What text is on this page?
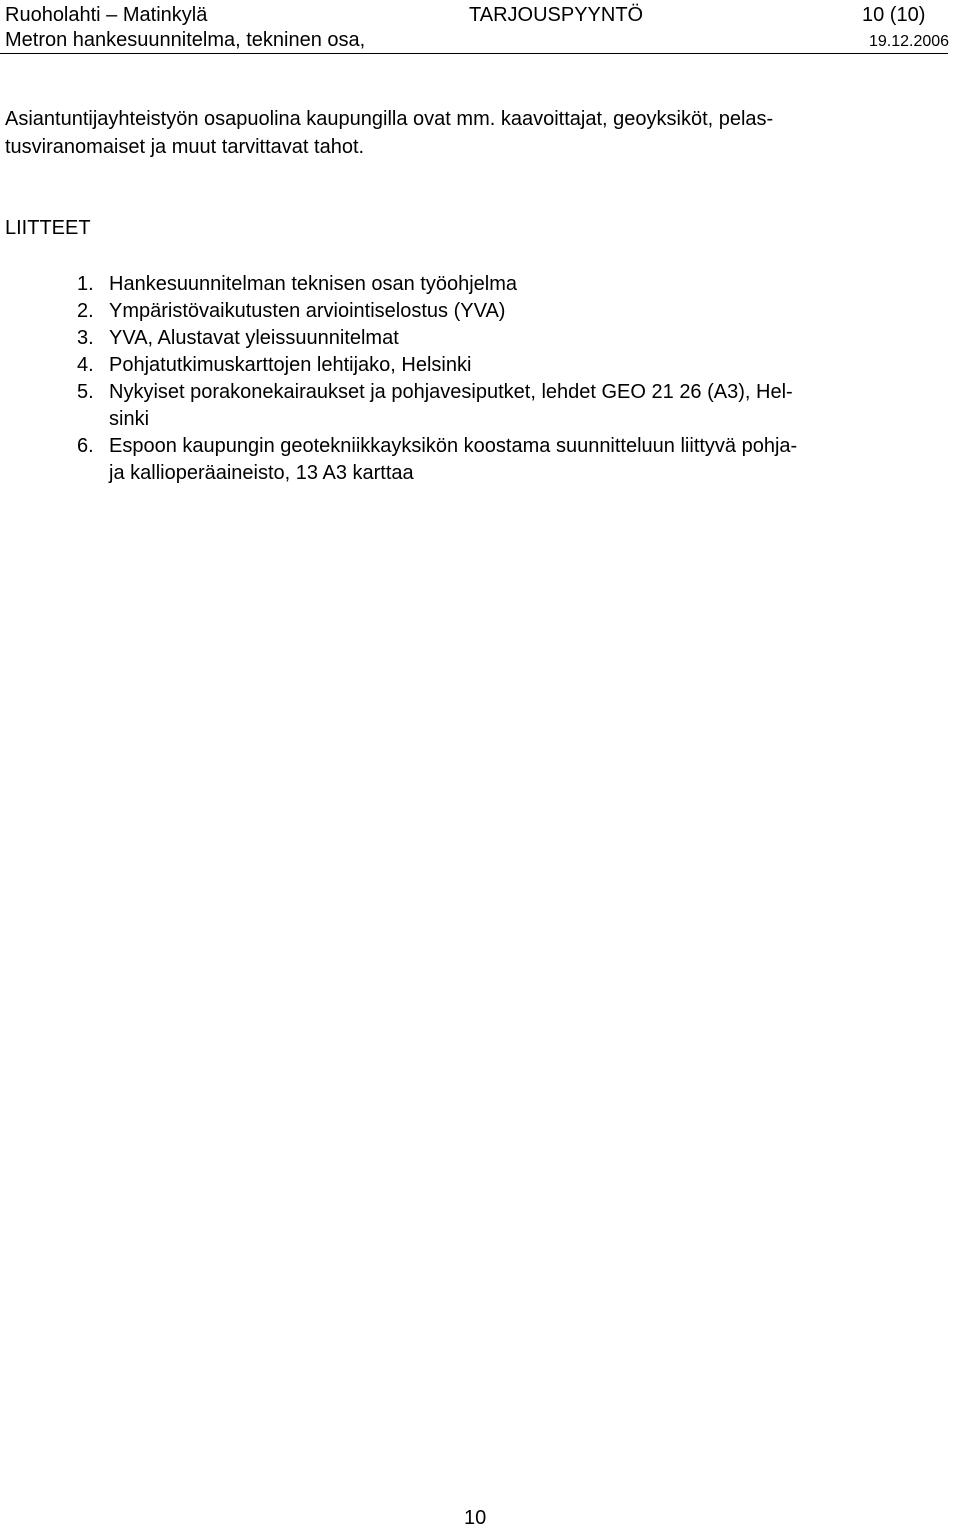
Ruoholahti – Matinkylä	TARJOUSPYYNTÖ	10 (10)
Metron hankesuunnitelma, tekninen osa,	19.12.2006

Asiantuntijayhteistyön osapuolina kaupungilla ovat mm. kaavoittajat, geoyksiköt, pelas-
tusviranomaiset ja muut tarvittavat tahot.

LIITTEET
1. Hankesuunnitelman teknisen osan työohjelma
2. Ympäristövaikutusten arviointiselostus (YVA)
3. YVA, Alustavat yleissuunnitelmat
4. Pohjatutkimuskarttojen lehtijako, Helsinki
5. Nykyiset porakonekairaukset ja pohjavesiputket, lehdet GEO 21 26 (A3), Hel-
sinki
6. Espoon kaupungin geotekniikkayksikön koostama suunnitteluun liittyvä pohja-
ja kallioperäaineisto, 13 A3 karttaa
10
